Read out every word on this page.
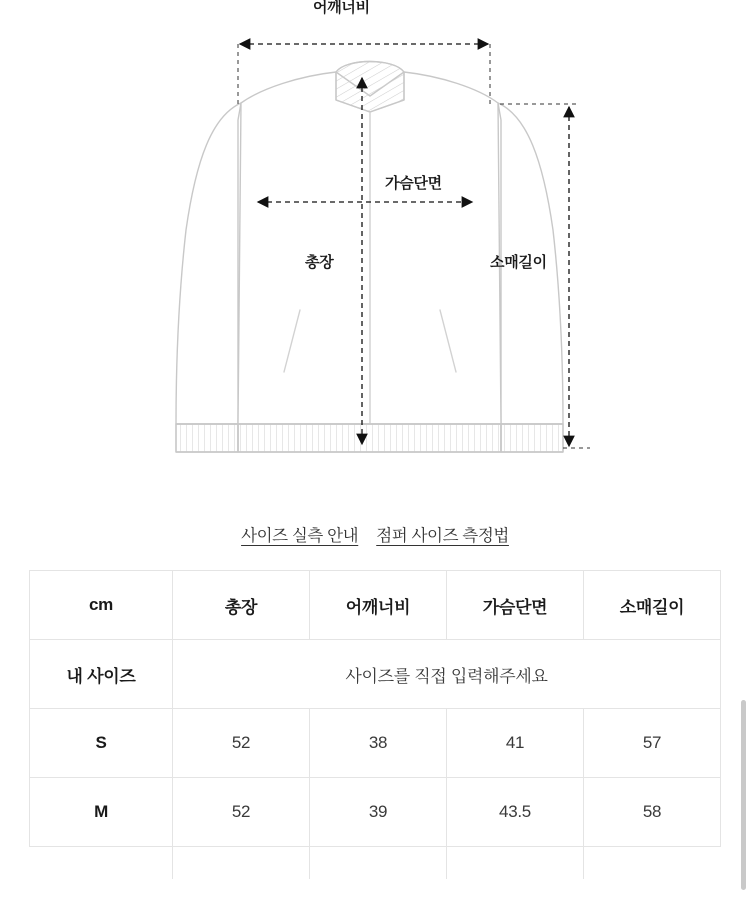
어깨너비
가슴단면
총장	소매길이
사이즈 실측 안내 점퍼 사이즈 측정법
cm	총장	어깨너비	가슴단면	소매길이
내 사이즈	사이즈를 직접 입력해주세요			
S	52	38	41	57
M	52	39	43.5	58
